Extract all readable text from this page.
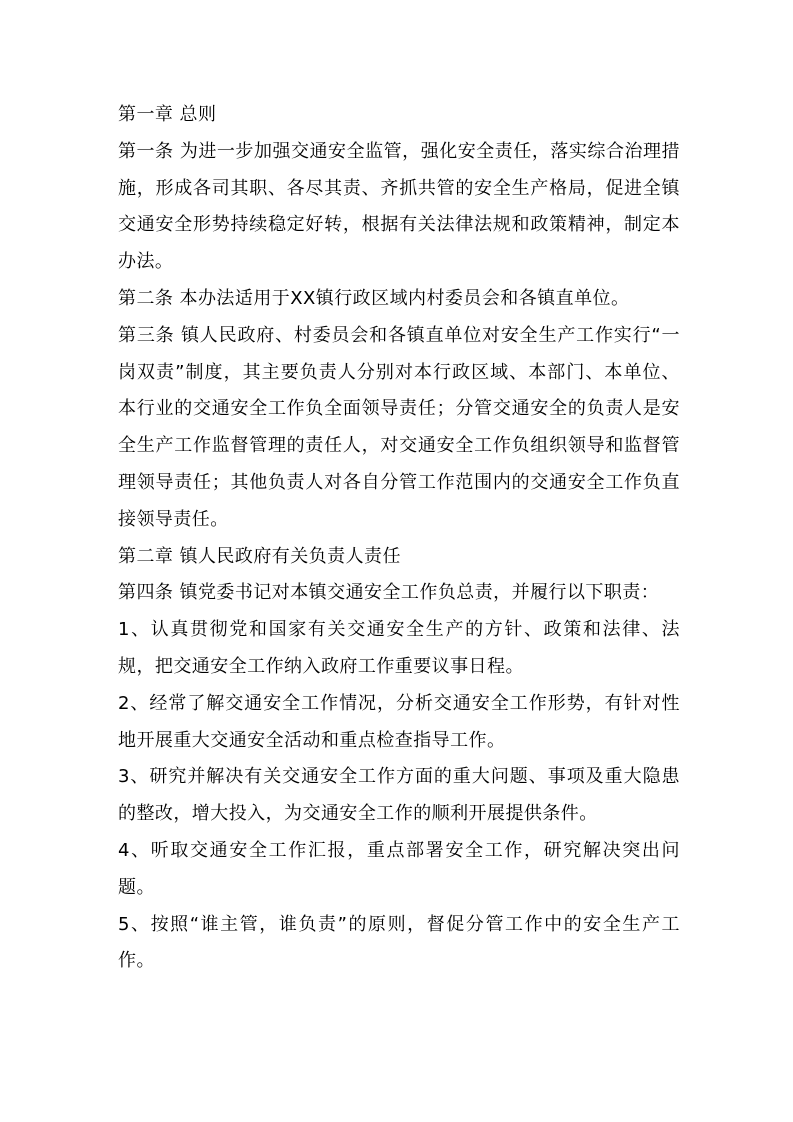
第一章 总则

第一条 为进一步加强交通安全监管，强化安全责任，落实综合治理措施，形成各司其职、各尽其责、齐抓共管的安全生产格局，促进全镇交通安全形势持续稳定好转，根据有关法律法规和政策精神，制定本办法。

第二条 本办法适用于XX镇行政区域内村委员会和各镇直单位。

第三条 镇人民政府、村委员会和各镇直单位对安全生产工作实行“一岗双责”制度，其主要负责人分别对本行政区域、本部门、本单位、本行业的交通安全工作负全面领导责任；分管交通安全的负责人是安全生产工作监督管理的责任人，对交通安全工作负组织领导和监督管理领导责任；其他负责人对各自分管工作范围内的交通安全工作负直接领导责任。

第二章 镇人民政府有关负责人责任

第四条 镇党委书记对本镇交通安全工作负总责，并履行以下职责：

1、认真贯彻党和国家有关交通安全生产的方针、政策和法律、法规，把交通安全工作纳入政府工作重要议事日程。

2、经常了解交通安全工作情况，分析交通安全工作形势，有针对性地开展重大交通安全活动和重点检查指导工作。

3、研究并解决有关交通安全工作方面的重大问题、事项及重大隐患的整改，增大投入，为交通安全工作的顺利开展提供条件。

4、听取交通安全工作汇报，重点部署安全工作，研究解决突出问题。

5、按照“谁主管，谁负责”的原则，督促分管工作中的安全生产工作。
